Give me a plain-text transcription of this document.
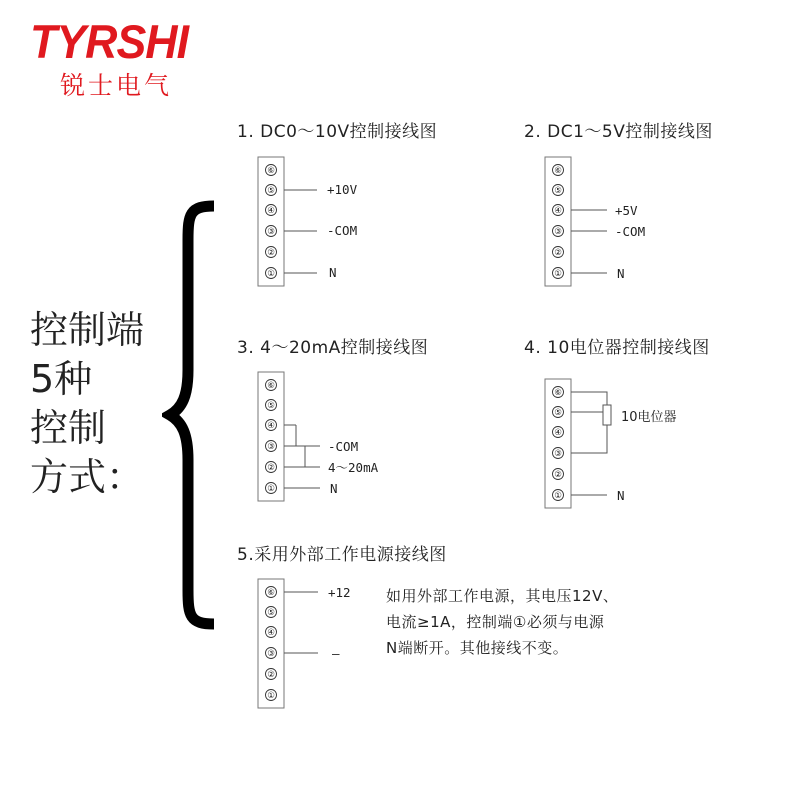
TYRSHI
锐士电气
控制端
5种
控制
方式：
1. DC0～10V控制接线图
⑥
⑤
④
③
②
①
+10V
-COM
N
2. DC1～5V控制接线图
⑥
⑤
④
③
②
①
+5V
-COM
N
3. 4～20mA控制接线图
⑥
⑤
④
③
②
①
-COM
4～20mA
N
4. 10电位器控制接线图
⑥
⑤
④
③
②
①
10电位器
N
5.采用外部工作电源接线图
⑥
⑤
④
③
②
①
+12
–
如用外部工作电源，其电压12V、
电流≥1A，控制端①必须与电源
N端断开。其他接线不变。
